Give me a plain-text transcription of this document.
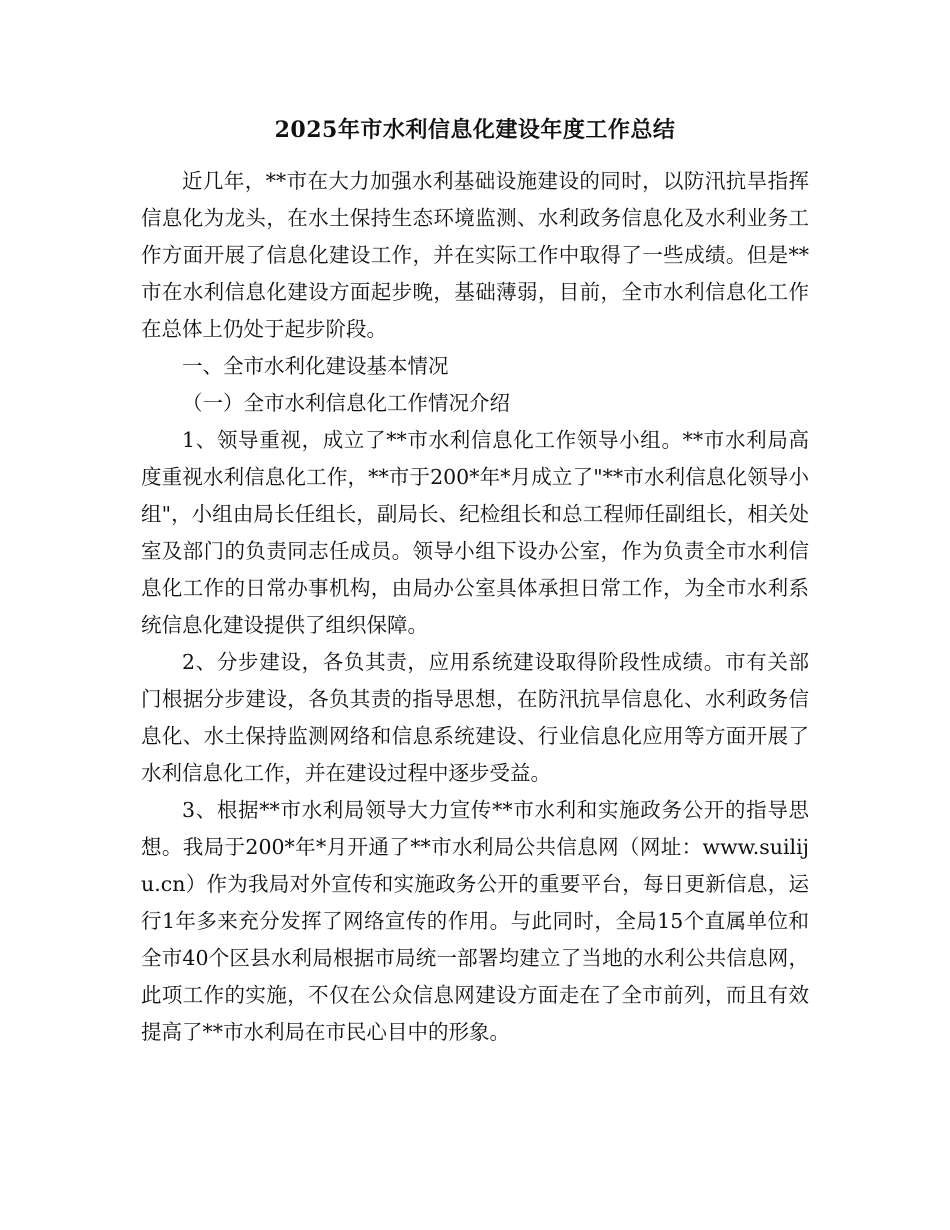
2025年市水利信息化建设年度工作总结

近几年，**市在大力加强水利基础设施建设的同时，以防汛抗旱指挥信息化为龙头，在水土保持生态环境监测、水利政务信息化及水利业务工作方面开展了信息化建设工作，并在实际工作中取得了一些成绩。但是**市在水利信息化建设方面起步晚，基础薄弱，目前，全市水利信息化工作在总体上仍处于起步阶段。

一、全市水利化建设基本情况

（一）全市水利信息化工作情况介绍

1、领导重视，成立了**市水利信息化工作领导小组。**市水利局高度重视水利信息化工作，**市于200*年*月成立了"**市水利信息化领导小组"，小组由局长任组长，副局长、纪检组长和总工程师任副组长，相关处室及部门的负责同志任成员。领导小组下设办公室，作为负责全市水利信息化工作的日常办事机构，由局办公室具体承担日常工作，为全市水利系统信息化建设提供了组织保障。

2、分步建设，各负其责，应用系统建设取得阶段性成绩。市有关部门根据分步建设，各负其责的指导思想，在防汛抗旱信息化、水利政务信息化、水土保持监测网络和信息系统建设、行业信息化应用等方面开展了水利信息化工作，并在建设过程中逐步受益。

3、根据**市水利局领导大力宣传**市水利和实施政务公开的指导思想。我局于200*年*月开通了**市水利局公共信息网（网址：www.suiliju.cn）作为我局对外宣传和实施政务公开的重要平台，每日更新信息，运行1年多来充分发挥了网络宣传的作用。与此同时，全局15个直属单位和全市40个区县水利局根据市局统一部署均建立了当地的水利公共信息网，此项工作的实施，不仅在公众信息网建设方面走在了全市前列，而且有效提高了**市水利局在市民心目中的形象。
